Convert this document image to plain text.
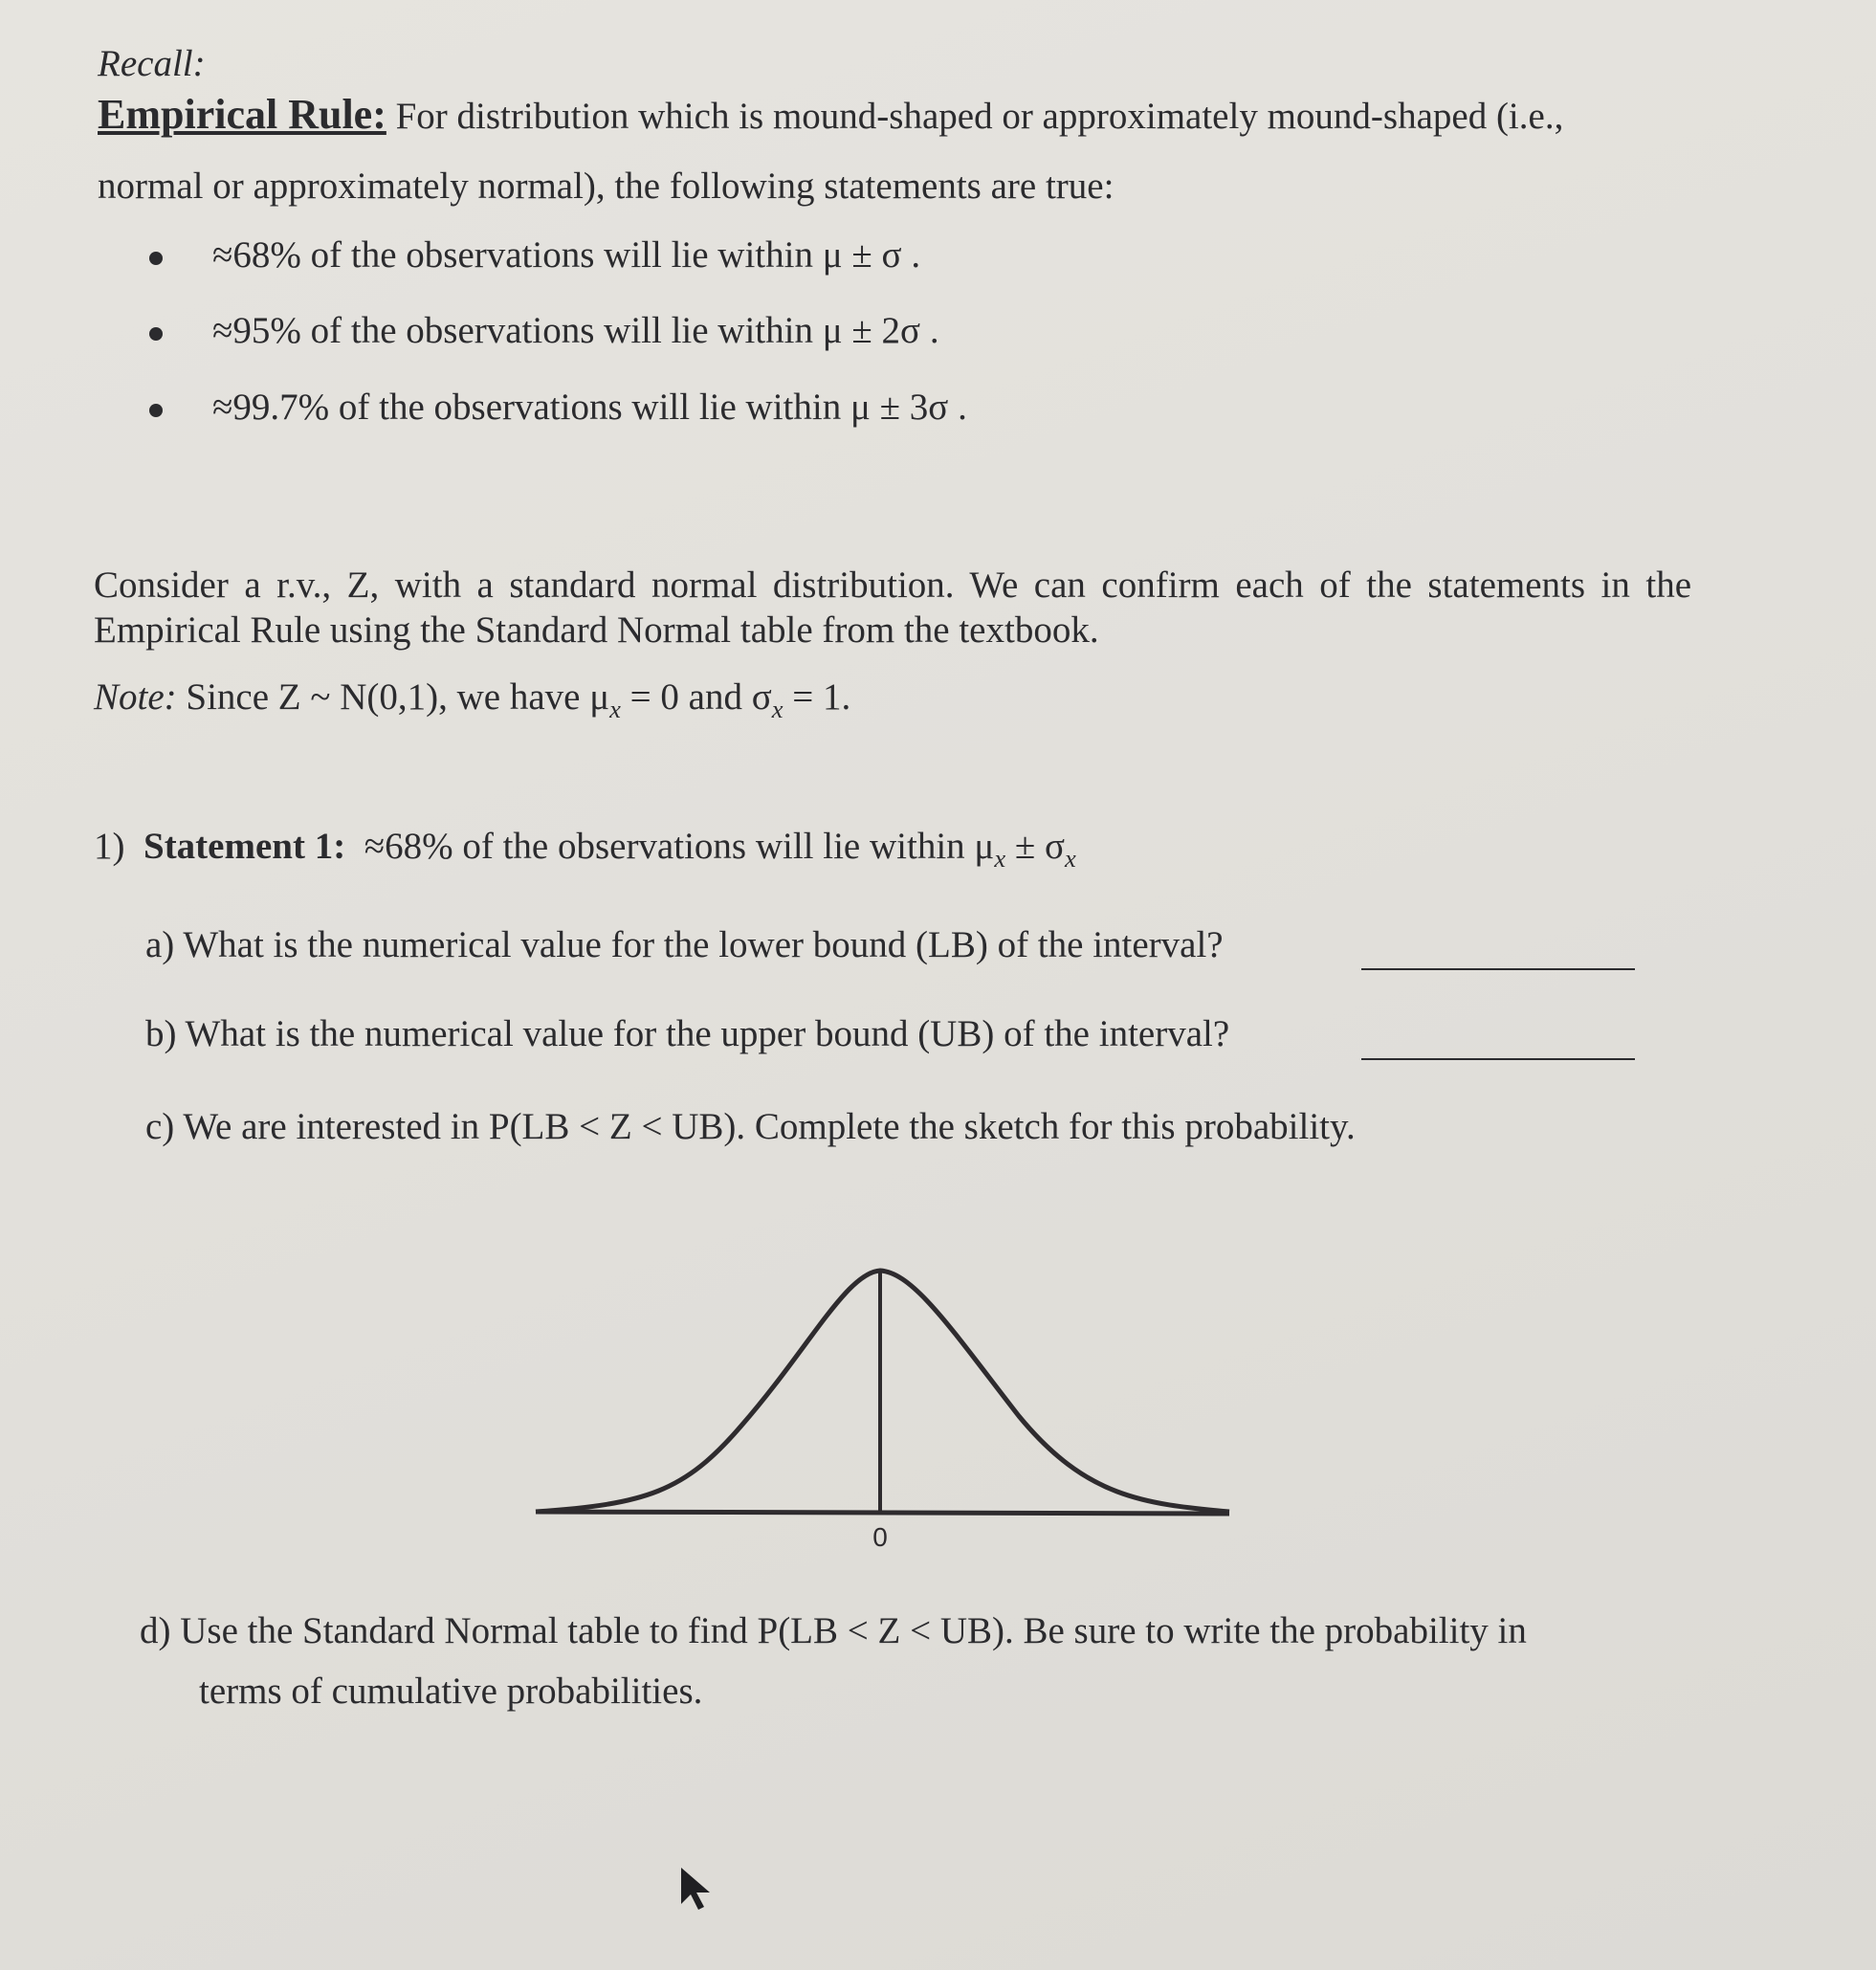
Recall:
Empirical Rule: For distribution which is mound-shaped or approximately mound-shaped (i.e.,
normal or approximately normal), the following statements are true:
≈68% of the observations will lie within μ ± σ .
≈95% of the observations will lie within μ ± 2σ .
≈99.7% of the observations will lie within μ ± 3σ .
Consider a r.v., Z, with a standard normal distribution. We can confirm each of the statements in the Empirical Rule using the Standard Normal table from the textbook.
Note: Since Z ~ N(0,1), we have $\mu_x = 0$ and $\sigma_x = 1$.
1) Statement 1: ≈68% of the observations will lie within $\mu_x \pm \sigma_x$
a) What is the numerical value for the lower bound (LB) of the interval?
b) What is the numerical value for the upper bound (UB) of the interval?
c) We are interested in P(LB < Z < UB). Complete the sketch for this probability.
0
d) Use the Standard Normal table to find P(LB < Z < UB). Be sure to write the probability in
terms of cumulative probabilities.
